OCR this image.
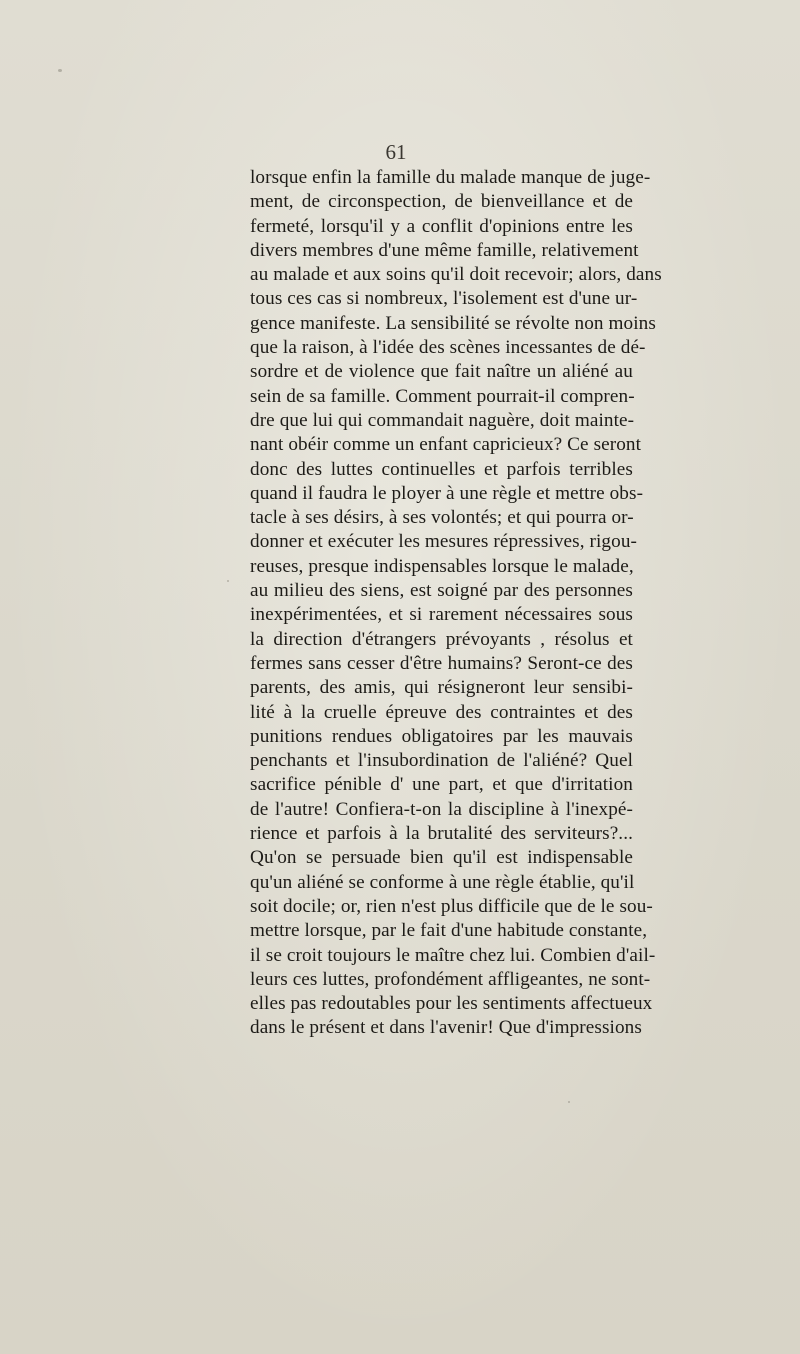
61
lorsque enfin la famille du malade manque de juge-
ment, de circonspection, de bienveillance et de
fermeté, lorsqu'il y a conflit d'opinions entre les
divers membres d'une même famille, relativement
au malade et aux soins qu'il doit recevoir; alors, dans
tous ces cas si nombreux, l'isolement est d'une ur-
gence manifeste. La sensibilité se révolte non moins
que la raison, à l'idée des scènes incessantes de dé-
sordre et de violence que fait naître un aliéné au
sein de sa famille. Comment pourrait-il compren-
dre que lui qui commandait naguère, doit mainte-
nant obéir comme un enfant capricieux? Ce seront
donc des luttes continuelles et parfois terribles
quand il faudra le ployer à une règle et mettre obs-
tacle à ses désirs, à ses volontés; et qui pourra or-
donner et exécuter les mesures répressives, rigou-
reuses, presque indispensables lorsque le malade,
au milieu des siens, est soigné par des personnes
inexpérimentées, et si rarement nécessaires sous
la direction d'étrangers prévoyants , résolus et
fermes sans cesser d'être humains? Seront-ce des
parents, des amis, qui résigneront leur sensibi-
lité à la cruelle épreuve des contraintes et des
punitions rendues obligatoires par les mauvais
penchants et l'insubordination de l'aliéné? Quel
sacrifice pénible d' une part, et que d'irritation
de l'autre! Confiera-t-on la discipline à l'inexpé-
rience et parfois à la brutalité des serviteurs?...
Qu'on se persuade bien qu'il est indispensable
qu'un aliéné se conforme à une règle établie, qu'il
soit docile; or, rien n'est plus difficile que de le sou-
mettre lorsque, par le fait d'une habitude constante,
il se croit toujours le maître chez lui. Combien d'ail-
leurs ces luttes, profondément affligeantes, ne sont-
elles pas redoutables pour les sentiments affectueux
dans le présent et dans l'avenir! Que d'impressions
